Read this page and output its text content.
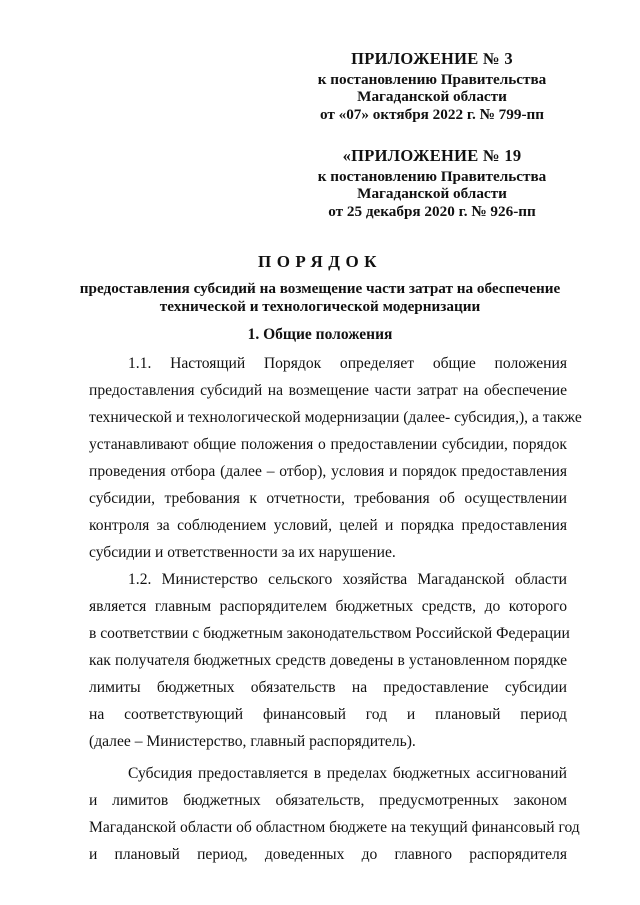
ПРИЛОЖЕНИЕ № 3
к постановлению Правительства
Магаданской области
от «07» октября 2022 г. № 799-пп
«ПРИЛОЖЕНИЕ № 19
к постановлению Правительства
Магаданской области
от 25 декабря 2020 г. № 926-пп
ПОРЯДОК
предоставления субсидий на возмещение части затрат на обеспечение
технической и технологической модернизации
1. Общие положения
1.1. Настоящий Порядок определяет общие положения
предоставления субсидий на возмещение части затрат на обеспечение
технической и технологической модернизации (далее- субсидия,), а также
устанавливают общие положения о предоставлении субсидии, порядок
проведения отбора (далее – отбор), условия и порядок предоставления
субсидии, требования к отчетности, требования об осуществлении
контроля за соблюдением условий, целей и порядка предоставления
субсидии и ответственности за их нарушение.
1.2. Министерство сельского хозяйства Магаданской области
является главным распорядителем бюджетных средств, до которого
в соответствии с бюджетным законодательством Российской Федерации
как получателя бюджетных средств доведены в установленном порядке
лимиты бюджетных обязательств на предоставление субсидии
на соответствующий финансовый год и плановый период
(далее – Министерство, главный распорядитель).
Субсидия предоставляется в пределах бюджетных ассигнований
и лимитов бюджетных обязательств, предусмотренных законом
Магаданской области об областном бюджете на текущий финансовый год
и плановый период, доведенных до главного распорядителя
